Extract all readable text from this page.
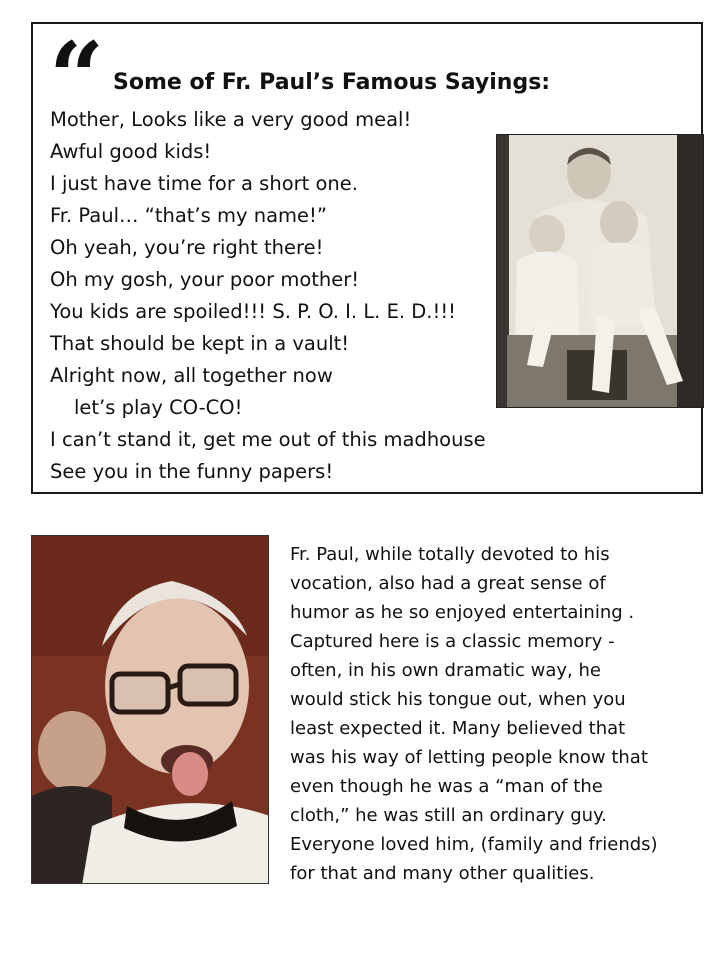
“ Some of Fr. Paul’s Famous Sayings:
Mother, Looks like a very good meal!
Awful good kids!
I just have time for a short one.
Fr. Paul… “that’s my name!”
Oh yeah, you’re right there!
Oh my gosh, your poor mother!
You kids are spoiled!!! S. P. O. I. L. E. D.!!!
That should be kept in a vault!
Alright now, all together now
let’s play CO-CO!
I can’t stand it, get me out of this madhouse
See you in the funny papers!
Fr. Paul, while totally devoted to his
vocation, also had a great sense of
humor as he so enjoyed entertaining .
Captured here is a classic memory -
often, in his own dramatic way, he
would stick his tongue out, when you
least expected it. Many believed that
was his way of letting people know that
even though he was a “man of the
cloth,” he was still an ordinary guy.
Everyone loved him, (family and friends)
for that and many other qualities.
